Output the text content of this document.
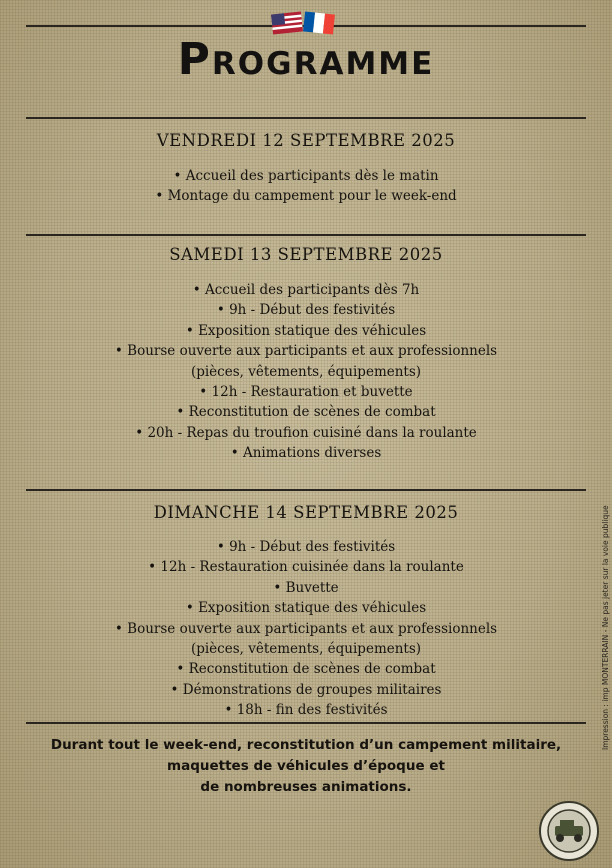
Programme
VENDREDI 12 SEPTEMBRE 2025
• Accueil des participants dès le matin
• Montage du campement pour le week-end
SAMEDI 13 SEPTEMBRE 2025
• Accueil des participants dès 7h
• 9h - Début des festivités
• Exposition statique des véhicules
• Bourse ouverte aux participants et aux professionnels
(pièces, vêtements, équipements)
• 12h - Restauration et buvette
• Reconstitution de scènes de combat
• 20h - Repas du troufion cuisiné dans la roulante
• Animations diverses
DIMANCHE 14 SEPTEMBRE 2025
• 9h - Début des festivités
• 12h - Restauration cuisinée dans la roulante
• Buvette
• Exposition statique des véhicules
• Bourse ouverte aux participants et aux professionnels
(pièces, vêtements, équipements)
• Reconstitution de scènes de combat
• Démonstrations de groupes militaires
• 18h - fin des festivités
Durant tout le week-end, reconstitution d’un campement militaire,
maquettes de véhicules d’époque et
de nombreuses animations.
Impression : imp MONTERRAIN - Ne pas jeter sur la voie publique
